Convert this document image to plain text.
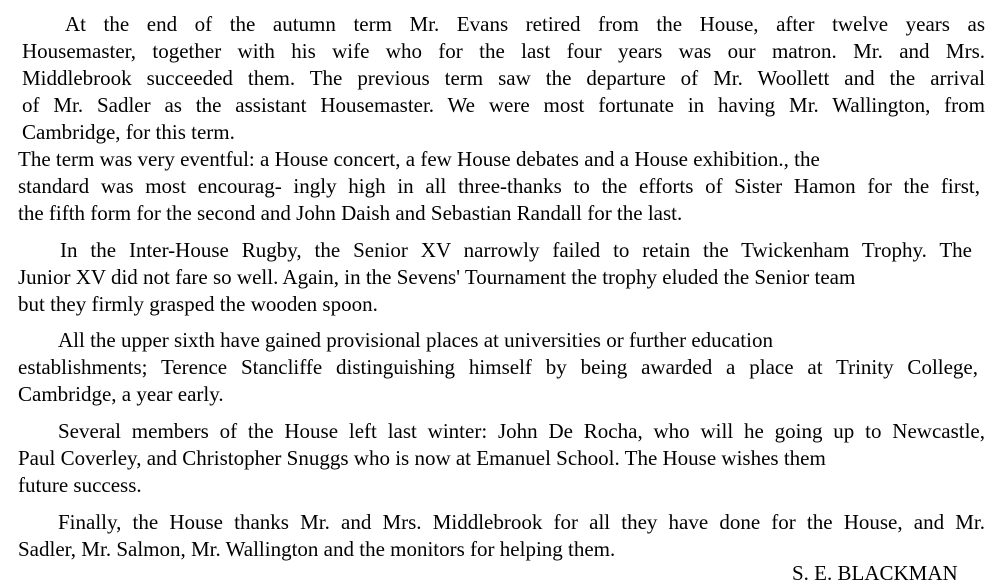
At the end of the autumn term Mr. Evans retired from the House, after twelve years as
Housemaster, together with his wife who for the last four years was our matron. Mr. and Mrs.
Middlebrook succeeded them. The previous term saw the departure of Mr. Woollett and the arrival
of Mr. Sadler as the assistant Housemaster. We were most fortunate in having Mr. Wallington, from
Cambridge, for this term.
The term was very eventful: a House concert, a few House debates and a House exhibition., the
standard was most encourag- ingly high in all three-thanks to the efforts of Sister Hamon for the first,
the fifth form for the second and John Daish and Sebastian Randall for the last.
In the Inter-House Rugby, the Senior XV narrowly failed to retain the Twickenham Trophy. The
Junior XV did not fare so well. Again, in the Sevens' Tournament the trophy eluded the Senior team
but they firmly grasped the wooden spoon.
All the upper sixth have gained provisional places at universities or further education
establishments; Terence Stancliffe distinguishing himself by being awarded a place at Trinity College,
Cambridge, a year early.
Several members of the House left last winter: John De Rocha, who will he going up to Newcastle,
Paul Coverley, and Christopher Snuggs who is now at Emanuel School. The House wishes them
future success.
Finally, the House thanks Mr. and Mrs. Middlebrook for all they have done for the House, and Mr.
Sadler, Mr. Salmon, Mr. Wallington and the monitors for helping them.
S. E. BLACKMAN
